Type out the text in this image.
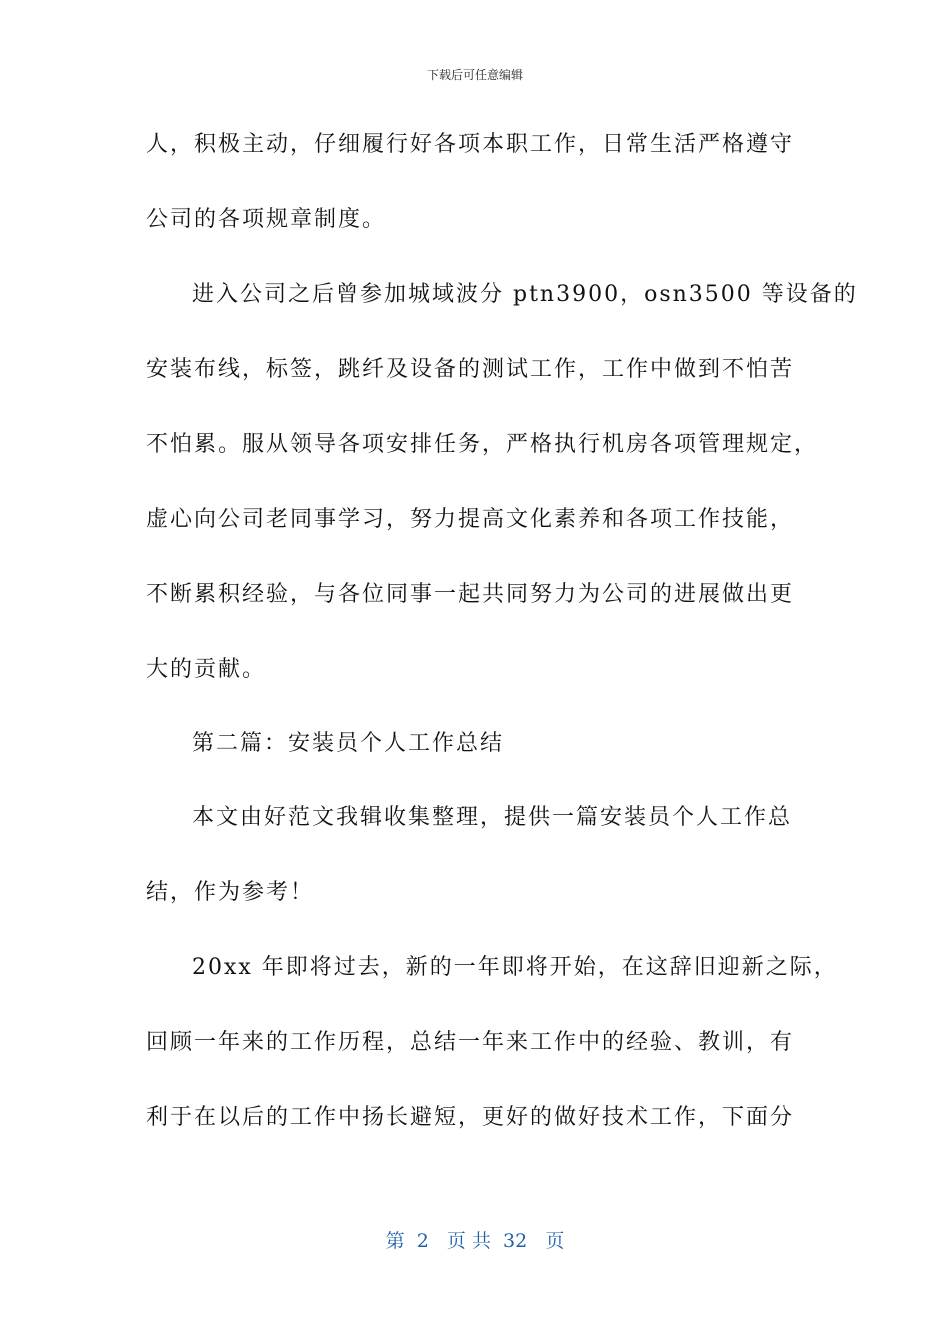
下载后可任意编辑
人，积极主动，仔细履行好各项本职工作，日常生活严格遵守
公司的各项规章制度。
进入公司之后曾参加城域波分 ptn3900，osn3500 等设备的
安装布线，标签，跳纤及设备的测试工作，工作中做到不怕苦
不怕累。服从领导各项安排任务，严格执行机房各项管理规定，
虚心向公司老同事学习，努力提高文化素养和各项工作技能，
不断累积经验，与各位同事一起共同努力为公司的进展做出更
大的贡献。
第二篇：安装员个人工作总结
本文由好范文我辑收集整理，提供一篇安装员个人工作总
结，作为参考！
20xx 年即将过去，新的一年即将开始，在这辞旧迎新之际，
回顾一年来的工作历程，总结一年来工作中的经验、教训，有
利于在以后的工作中扬长避短，更好的做好技术工作，下面分
第  2   页 共  32   页
